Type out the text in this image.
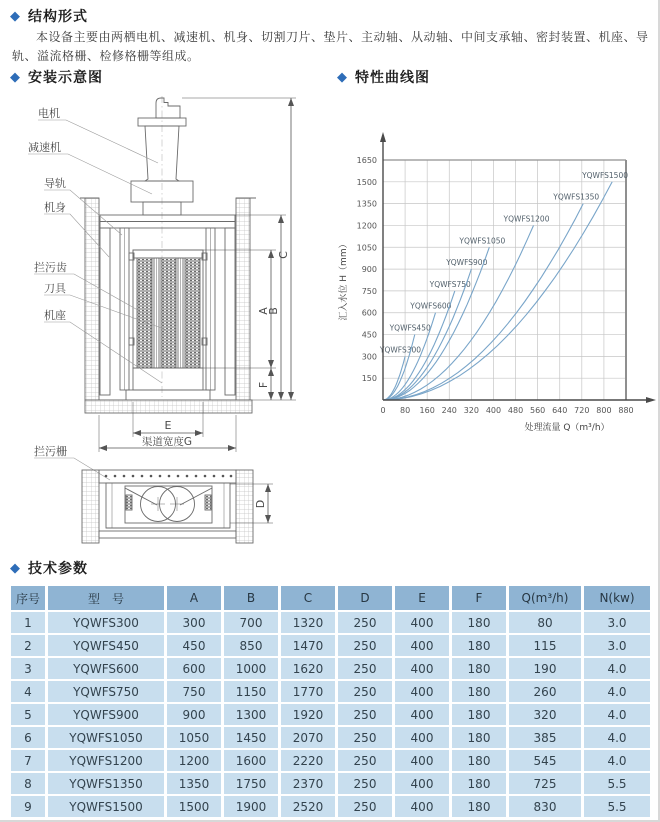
◆ 结构形式

本设备主要由两栖电机、减速机、机身、切割刀片、垫片、主动轴、从动轴、中间支承轴、密封装置、机座、导轨、溢流格栅、检修格栅等组成。

◆ 安装示意图	◆ 特性曲线图
C
B
A
F
E
渠道宽度G
电机
减速机
导轨
机身
拦污齿
刀具
机座
拦污栅
D
YQWFS300
YQWFS450
YQWFS600
YQWFS750
YQWFS900
YQWFS1050
YQWFS1200
YQWFS1350
YQWFS1500
0 80 160 240 320 400 480 560 640 720 800 880
150
300
450
600
750
900
1050
1200
1350
1500
1650
汇入水位 H（mm）
处理流量 Q（m³/h）
◆ 技术参数
序号	型　号	A	B	C	D	E	F	Q(m³/h)	N(kw)
1	YQWFS300	300	700	1320	250	400	180	80	3.0
2	YQWFS450	450	850	1470	250	400	180	115	3.0
3	YQWFS600	600	1000	1620	250	400	180	190	4.0
4	YQWFS750	750	1150	1770	250	400	180	260	4.0
5	YQWFS900	900	1300	1920	250	400	180	320	4.0
6	YQWFS1050	1050	1450	2070	250	400	180	385	4.0
7	YQWFS1200	1200	1600	2220	250	400	180	545	4.0
8	YQWFS1350	1350	1750	2370	250	400	180	725	5.5
9	YQWFS1500	1500	1900	2520	250	400	180	830	5.5
